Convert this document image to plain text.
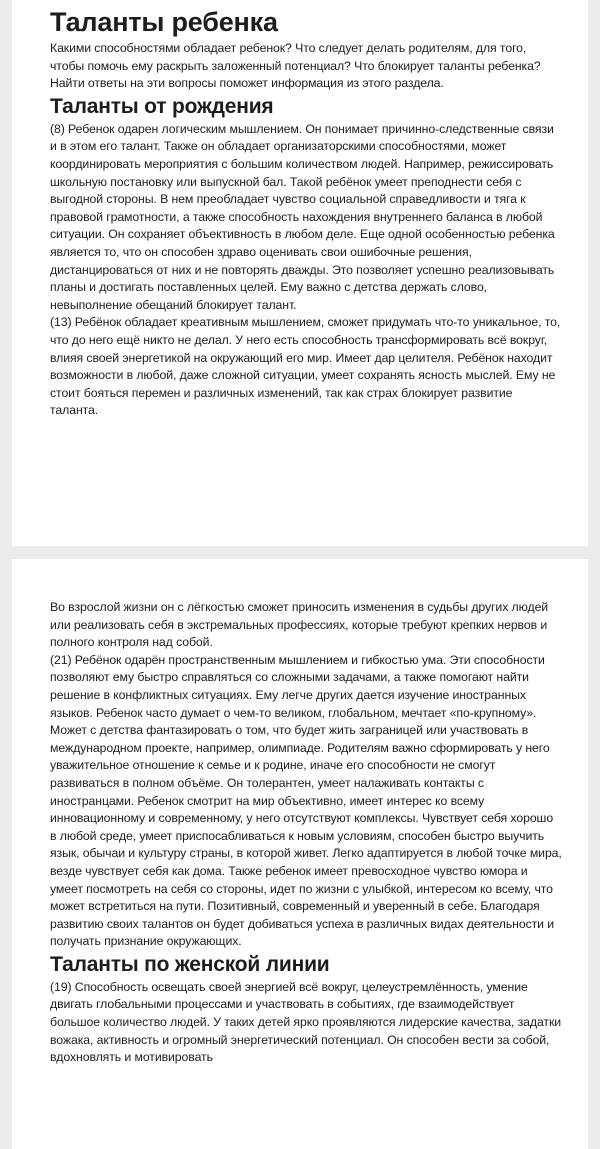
Таланты ребенка

Какими способностями обладает ребенок? Что следует делать родителям, для того, чтобы помочь ему раскрыть заложенный потенциал? Что блокирует таланты ребенка? Найти ответы на эти вопросы поможет информация из этого раздела.

Таланты от рождения

(8) Ребенок одарен логическим мышлением. Он понимает причинно-следственные связи и в этом его талант. Также он обладает организаторскими способностями, может координировать мероприятия с большим количеством людей. Например, режиссировать школьную постановку или выпускной бал. Такой ребёнок умеет преподнести себя с выгодной стороны. В нем преобладает чувство социальной справедливости и тяга к правовой грамотности, а также способность нахождения внутреннего баланса в любой ситуации. Он сохраняет объективность в любом деле. Еще одной особенностью ребенка является то, что он способен здраво оценивать свои ошибочные решения, дистанцироваться от них и не повторять дважды. Это позволяет успешно реализовывать планы и достигать поставленных целей. Ему важно с детства держать слово, невыполнение обещаний блокирует талант.

(13) Ребёнок обладает креативным мышлением, сможет придумать что-то уникальное, то, что до него ещё никто не делал. У него есть способность трансформировать всё вокруг, влияя своей энергетикой на окружающий его мир. Имеет дар целителя. Ребёнок находит возможности в любой, даже сложной ситуации, умеет сохранять ясность мыслей. Ему не стоит бояться перемен и различных изменений, так как страх блокирует развитие таланта.

Во взрослой жизни он с лёгкостью сможет приносить изменения в судьбы других людей или реализовать себя в экстремальных профессиях, которые требуют крепких нервов и полного контроля над собой.

(21) Ребёнок одарён пространственным мышлением и гибкостью ума. Эти способности позволяют ему быстро справляться со сложными задачами, а также помогают найти решение в конфликтных ситуациях. Ему легче других дается изучение иностранных языков. Ребенок часто думает о чем-то великом, глобальном, мечтает «по-крупному». Может с детства фантазировать о том, что будет жить заграницей или участвовать в международном проекте, например, олимпиаде. Родителям важно сформировать у него уважительное отношение к семье и к родине, иначе его способности не смогут развиваться в полном объёме. Он толерантен, умеет налаживать контакты с иностранцами. Ребенок смотрит на мир объективно, имеет интерес ко всему инновационному и современному, у него отсутствуют комплексы. Чувствует себя хорошо в любой среде, умеет приспосабливаться к новым условиям, способен быстро выучить язык, обычаи и культуру страны, в которой живет. Легко адаптируется в любой точке мира, везде чувствует себя как дома. Также ребенок имеет превосходное чувство юмора и умеет посмотреть на себя со стороны, идет по жизни с улыбкой, интересом ко всему, что может встретиться на пути. Позитивный, современный и уверенный в себе. Благодаря развитию своих талантов он будет добиваться успеха в различных видах деятельности и получать признание окружающих.

Таланты по женской линии

(19) Способность освещать своей энергией всё вокруг, целеустремлённость, умение двигать глобальными процессами и участвовать в событиях, где взаимодействует большое количество людей. У таких детей ярко проявляются лидерские качества, задатки вожака, активность и огромный энергетический потенциал. Он способен вести за собой, вдохновлять и мотивировать
